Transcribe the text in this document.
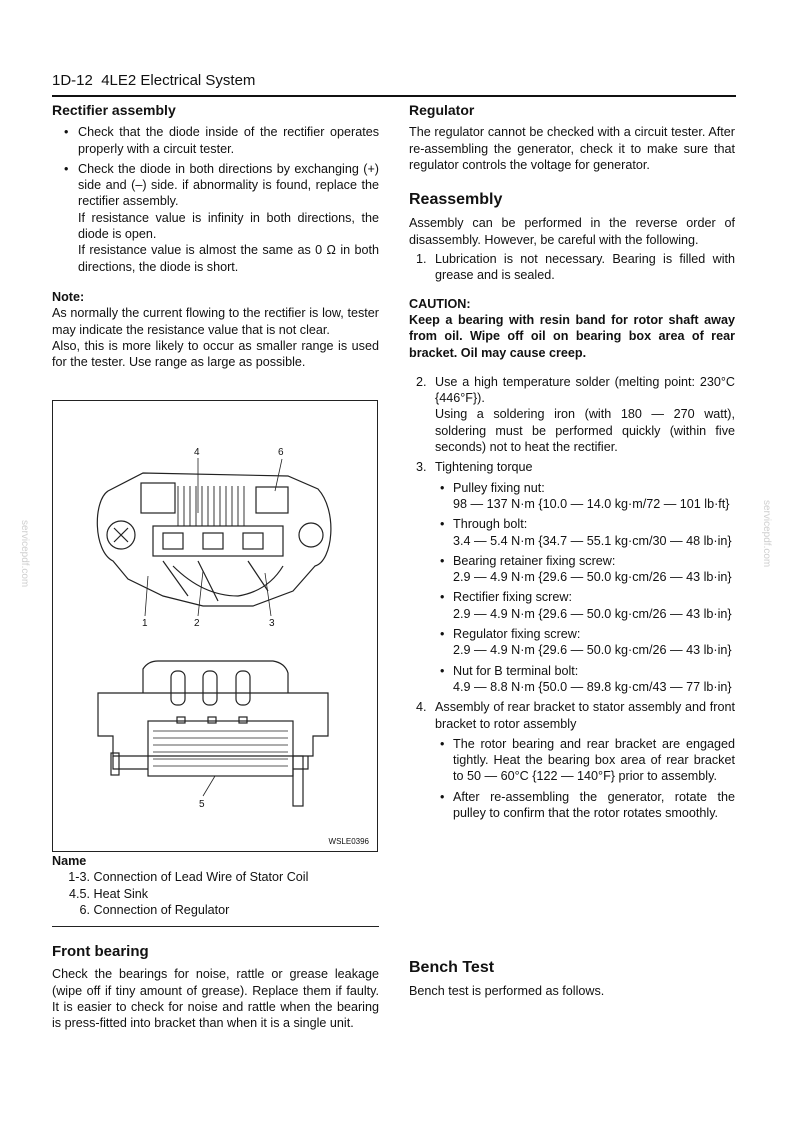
1D-12 4LE2 Electrical System
servicepdf.com	servicepdf.com
Rectifier assembly
• Check that the diode inside of the rectifier operates properly with a circuit tester.

• Check the diode in both directions by exchanging (+) side and (–) side. if abnormality is found, replace the rectifier assembly.

If resistance value is infinity in both directions, the diode is open.

If resistance value is almost the same as 0 Ω in both directions, the diode is short.

Note:

As normally the current flowing to the rectifier is low, tester may indicate the resistance value that is not clear.

Also, this is more likely to occur as smaller range is used for the tester. Use range as large as possible.

4	6
1	2	3
5
WSLE0396
Name
1-3.
Connection of Lead Wire of Stator Coil
4.5.
Heat Sink
6.
Connection of Regulator
Front bearing

Check the bearings for noise, rattle or grease leakage (wipe off if tiny amount of grease). Replace them if faulty. It is easier to check for noise and rattle when the bearing is press-fitted into bracket than when it is a single unit.

Regulator

The regulator cannot be checked with a circuit tester. After re-assembling the generator, check it to make sure that regulator controls the voltage for generator.

Reassembly

Assembly can be performed in the reverse order of disassembly. However, be careful with the following.

1. Lubrication is not necessary. Bearing is filled with grease and is sealed.
CAUTION:

Keep a bearing with resin band for rotor shaft away from oil. Wipe off oil on bearing box area of rear bracket. Oil may cause creep.

2. Use a high temperature solder (melting point: 230°C {446°F}).

Using a soldering iron (with 180 — 270 watt), soldering must be performed quickly (within five seconds) not to heat the rectifier.

3. Tightening torque
• Pulley fixing nut:
98 — 137 N·m {10.0 — 14.0 kg·m/72 — 101 lb·ft}
• Through bolt:
3.4 — 5.4 N·m {34.7 — 55.1 kg·cm/30 — 48 lb·in}
• Bearing retainer fixing screw:
2.9 — 4.9 N·m {29.6 — 50.0 kg·cm/26 — 43 lb·in}
• Rectifier fixing screw:
2.9 — 4.9 N·m {29.6 — 50.0 kg·cm/26 — 43 lb·in}
• Regulator fixing screw:
2.9 — 4.9 N·m {29.6 — 50.0 kg·cm/26 — 43 lb·in}
• Nut for B terminal bolt:
4.9 — 8.8 N·m {50.0 — 89.8 kg·cm/43 — 77 lb·in}
4. Assembly of rear bracket to stator assembly and front bracket to rotor assembly
• The rotor bearing and rear bracket are engaged tightly. Heat the bearing box area of rear bracket to 50 — 60°C {122 — 140°F} prior to assembly.
• After re-assembling the generator, rotate the pulley to confirm that the rotor rotates smoothly.
Bench Test

Bench test is performed as follows.
